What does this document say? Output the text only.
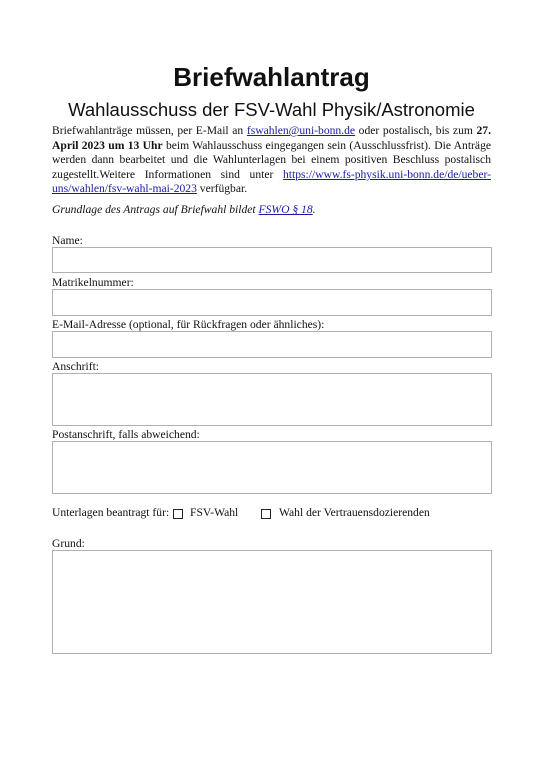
Briefwahlantrag
Wahlausschuss der FSV-Wahl Physik/Astronomie
Briefwahlanträge müssen, per E-Mail an fswahlen@uni-bonn.de oder postalisch, bis zum 27. April 2023 um 13 Uhr beim Wahlausschuss eingegangen sein (Ausschlussfrist). Die Anträge werden dann bearbeitet und die Wahlunterlagen bei einem positiven Beschluss postalisch zugestellt.Weitere Informationen sind unter https://www.fs-physik.uni-bonn.de/de/ueber-uns/wahlen/fsv-wahl-mai-2023 verfügbar.
Grundlage des Antrags auf Briefwahl bildet FSWO § 18.
Name:
Matrikelnummer:
E-Mail-Adresse (optional, für Rückfragen oder ähnliches):
Anschrift:
Postanschrift, falls abweichend:
Unterlagen beantragt für: FSV-Wahl	Wahl der Vertrauensdozierenden
Grund:
